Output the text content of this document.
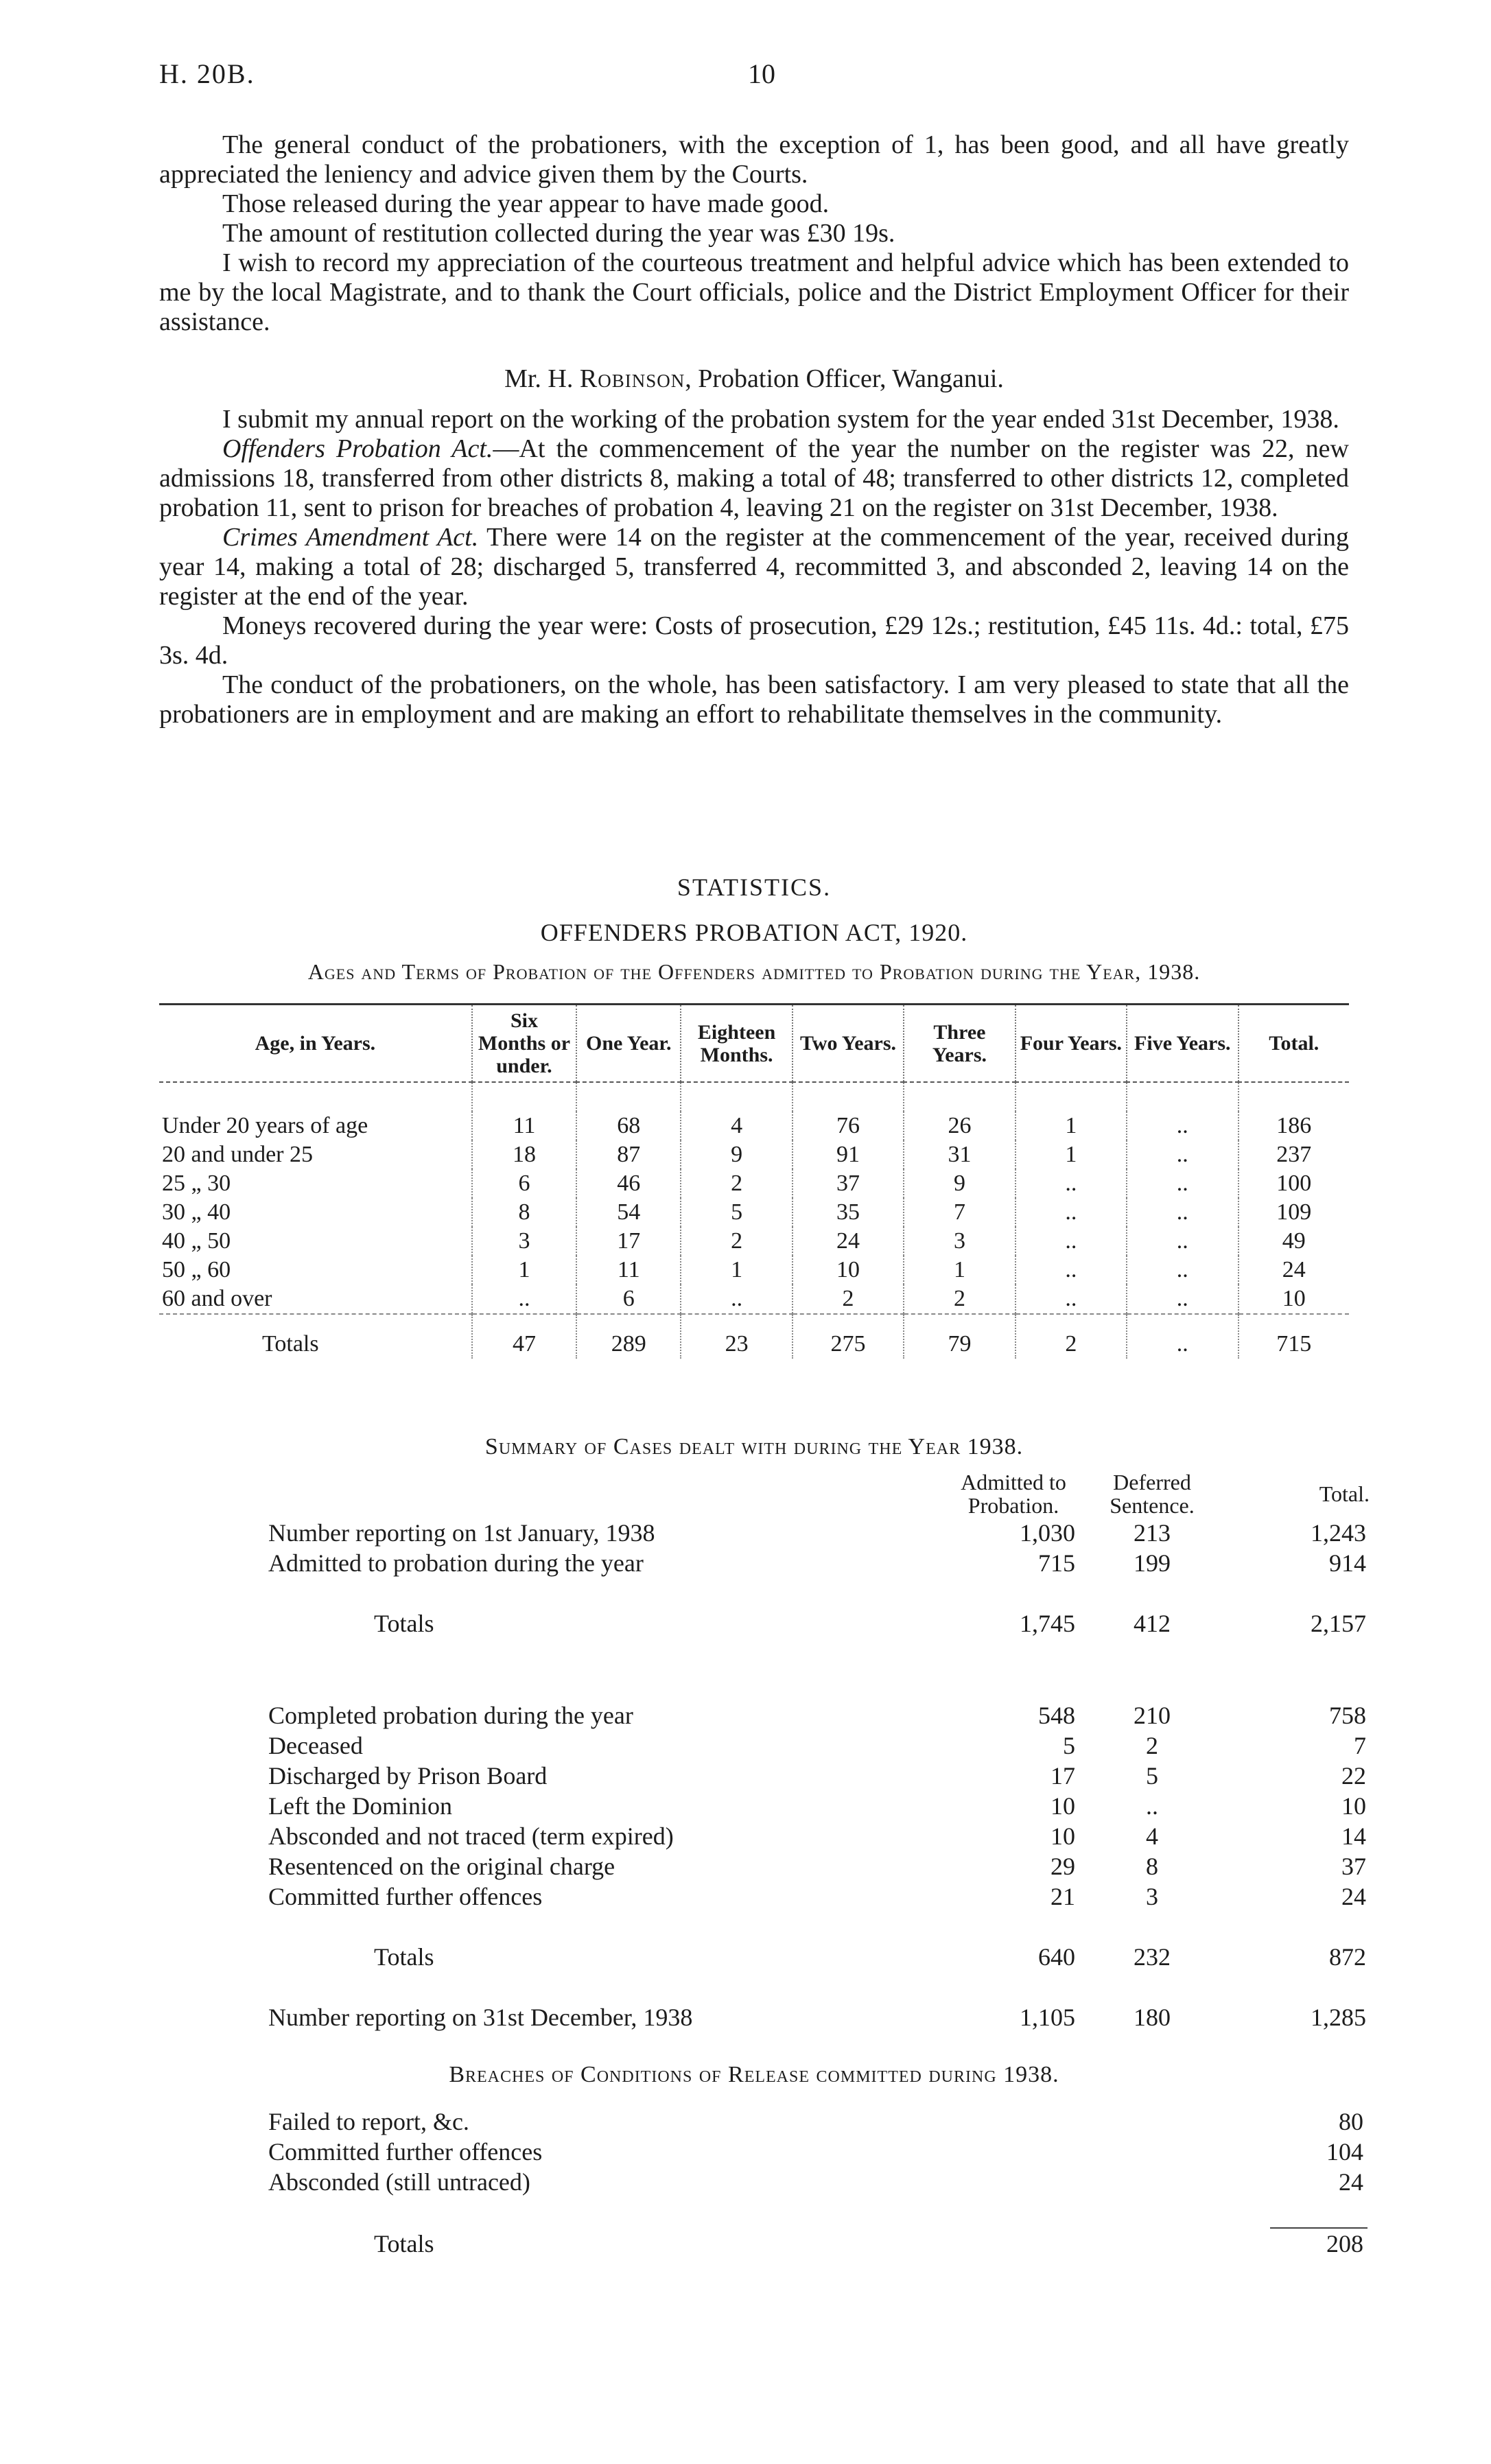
H. 20B.	10

The general conduct of the probationers, with the exception of 1, has been good, and all have greatly appreciated the leniency and advice given them by the Courts.

Those released during the year appear to have made good.

The amount of restitution collected during the year was £30 19s.

I wish to record my appreciation of the courteous treatment and helpful advice which has been extended to me by the local Magistrate, and to thank the Court officials, police and the District Employment Officer for their assistance.

Mr. H. Robinson, Probation Officer, Wanganui.

I submit my annual report on the working of the probation system for the year ended 31st December, 1938.

Offenders Probation Act.—At the commencement of the year the number on the register was 22, new admissions 18, transferred from other districts 8, making a total of 48; transferred to other districts 12, completed probation 11, sent to prison for breaches of probation 4, leaving 21 on the register on 31st December, 1938.

Crimes Amendment Act. There were 14 on the register at the commencement of the year, received during year 14, making a total of 28; discharged 5, transferred 4, recommitted 3, and absconded 2, leaving 14 on the register at the end of the year.

Moneys recovered during the year were: Costs of prosecution, £29 12s.; restitution, £45 11s. 4d.: total, £75 3s. 4d.

The conduct of the probationers, on the whole, has been satisfactory. I am very pleased to state that all the probationers are in employment and are making an effort to rehabilitate themselves in the community.

STATISTICS.
OFFENDERS PROBATION ACT, 1920.
Ages and Terms of Probation of the Offenders admitted to Probation during the Year, 1938.
Age, in Years.	Six Months or under.	One Year.	Eighteen Months.	Two Years.	Three Years.	Four Years.	Five Years.	Total.

Under 20 years of age	11	68	4	76	26	1	..	186
20 and under 25	18	87	9	91	31	1	..	237
25 „ 30	6	46	2	37	9	..	..	100
30 „ 40	8	54	5	35	7	..	..	109
40 „ 50	3	17	2	24	3	..	..	49
50 „ 60	1	11	1	10	1	..	..	24
60 and over	..	6	..	2	2	..	..	10
Totals	47	289	23	275	79	2	..	715
Summary of Cases dealt with during the Year 1938.
	Admitted to Probation.	Deferred Sentence.	Total.
Number reporting on 1st January, 1938	1,030	213	1,243
Admitted to probation during the year	715	199	914

Totals	1,745	412	2,157

Completed probation during the year	548	210	758
Deceased	5	2	7
Discharged by Prison Board	17	5	22
Left the Dominion	10	..	10
Absconded and not traced (term expired)	10	4	14
Resentenced on the original charge	29	8	37
Committed further offences	21	3	24

Totals	640	232	872

Number reporting on 31st December, 1938	1,105	180	1,285
Breaches of Conditions of Release committed during 1938.
Failed to report, &c.	80
Committed further offences	104
Absconded (still untraced)	24

Totals	208
